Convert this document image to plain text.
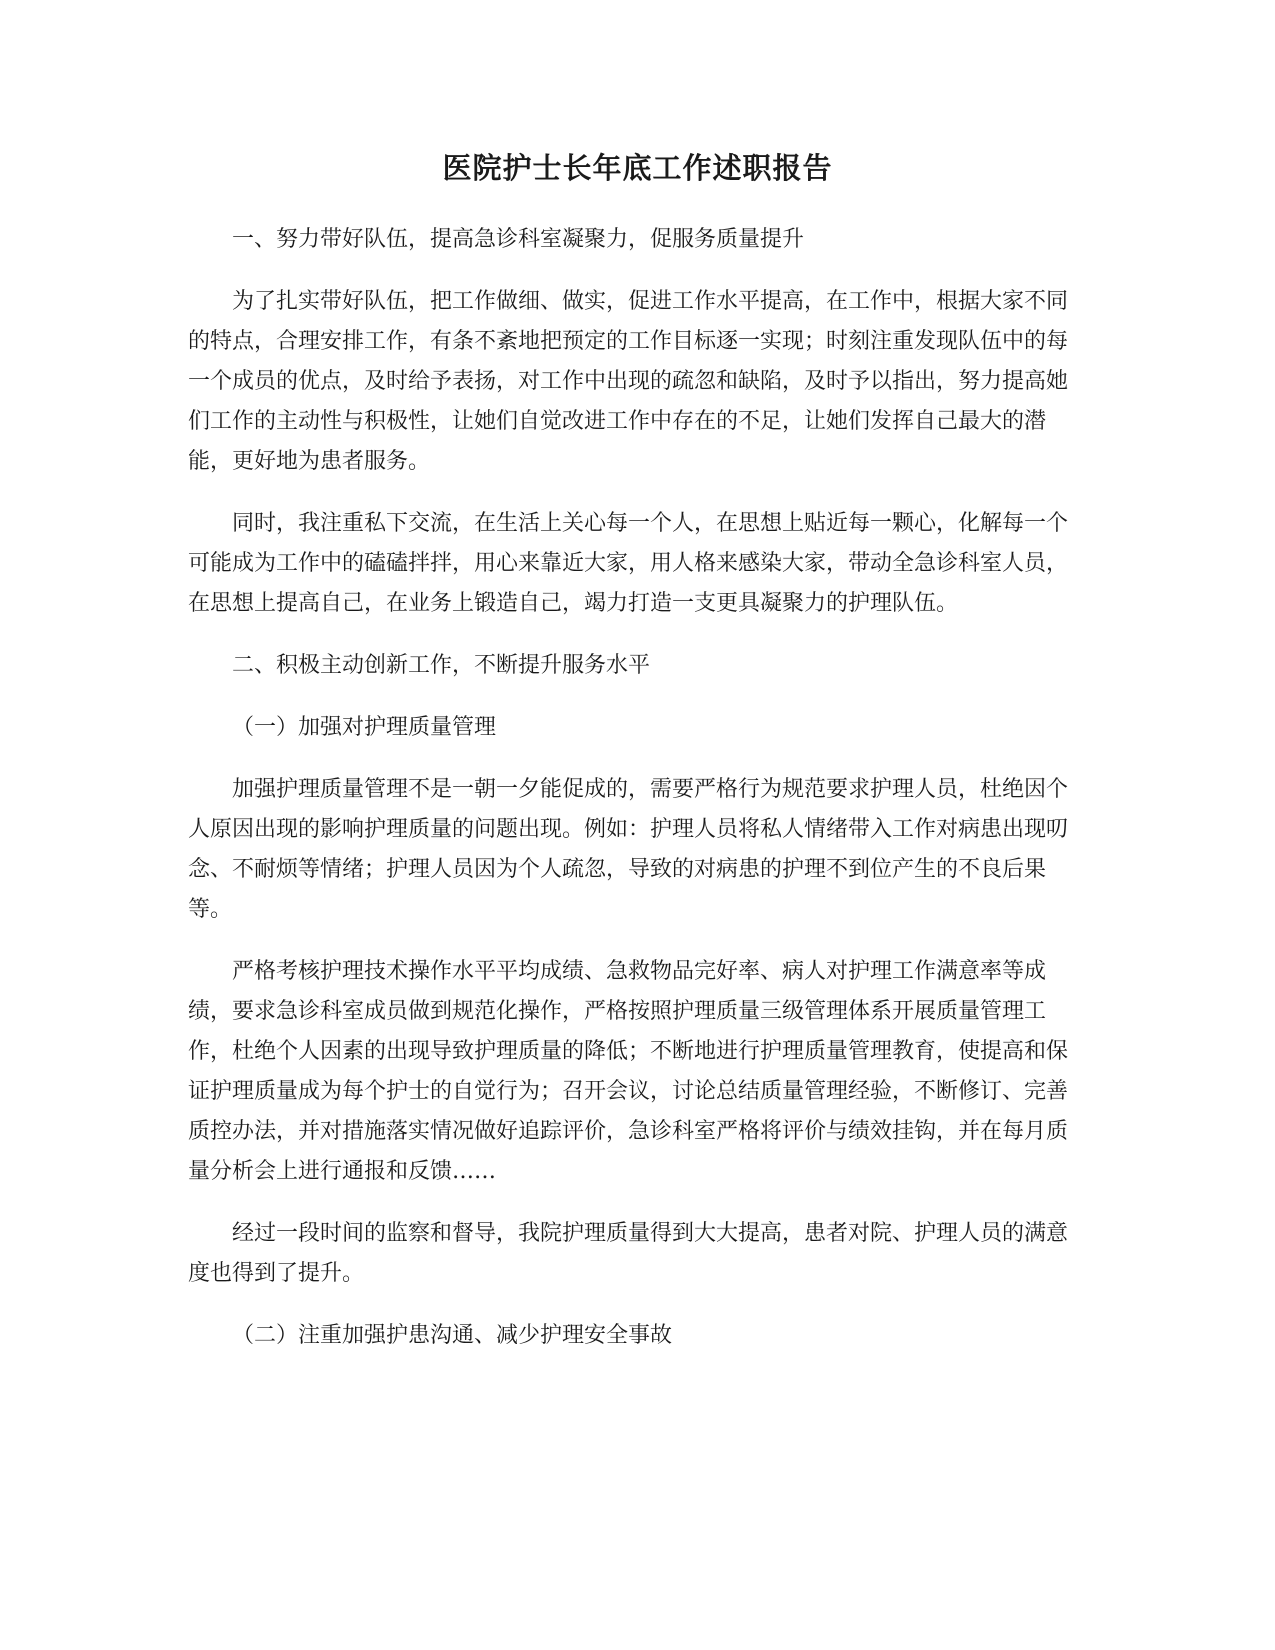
医院护士长年底工作述职报告

一、努力带好队伍，提高急诊科室凝聚力，促服务质量提升

为了扎实带好队伍，把工作做细、做实，促进工作水平提高，在工作中，根据大家不同的特点，合理安排工作，有条不紊地把预定的工作目标逐一实现；时刻注重发现队伍中的每一个成员的优点，及时给予表扬，对工作中出现的疏忽和缺陷，及时予以指出，努力提高她们工作的主动性与积极性，让她们自觉改进工作中存在的不足，让她们发挥自己最大的潜能，更好地为患者服务。

同时，我注重私下交流，在生活上关心每一个人，在思想上贴近每一颗心，化解每一个可能成为工作中的磕磕拌拌，用心来靠近大家，用人格来感染大家，带动全急诊科室人员，在思想上提高自己，在业务上锻造自己，竭力打造一支更具凝聚力的护理队伍。

二、积极主动创新工作，不断提升服务水平

（一）加强对护理质量管理

加强护理质量管理不是一朝一夕能促成的，需要严格行为规范要求护理人员，杜绝因个人原因出现的影响护理质量的问题出现。例如：护理人员将私人情绪带入工作对病患出现叨念、不耐烦等情绪；护理人员因为个人疏忽，导致的对病患的护理不到位产生的不良后果等。

严格考核护理技术操作水平平均成绩、急救物品完好率、病人对护理工作满意率等成绩，要求急诊科室成员做到规范化操作，严格按照护理质量三级管理体系开展质量管理工作，杜绝个人因素的出现导致护理质量的降低；不断地进行护理质量管理教育，使提高和保证护理质量成为每个护士的自觉行为；召开会议，讨论总结质量管理经验，不断修订、完善质控办法，并对措施落实情况做好追踪评价，急诊科室严格将评价与绩效挂钩，并在每月质量分析会上进行通报和反馈……

经过一段时间的监察和督导，我院护理质量得到大大提高，患者对院、护理人员的满意度也得到了提升。

（二）注重加强护患沟通、减少护理安全事故
